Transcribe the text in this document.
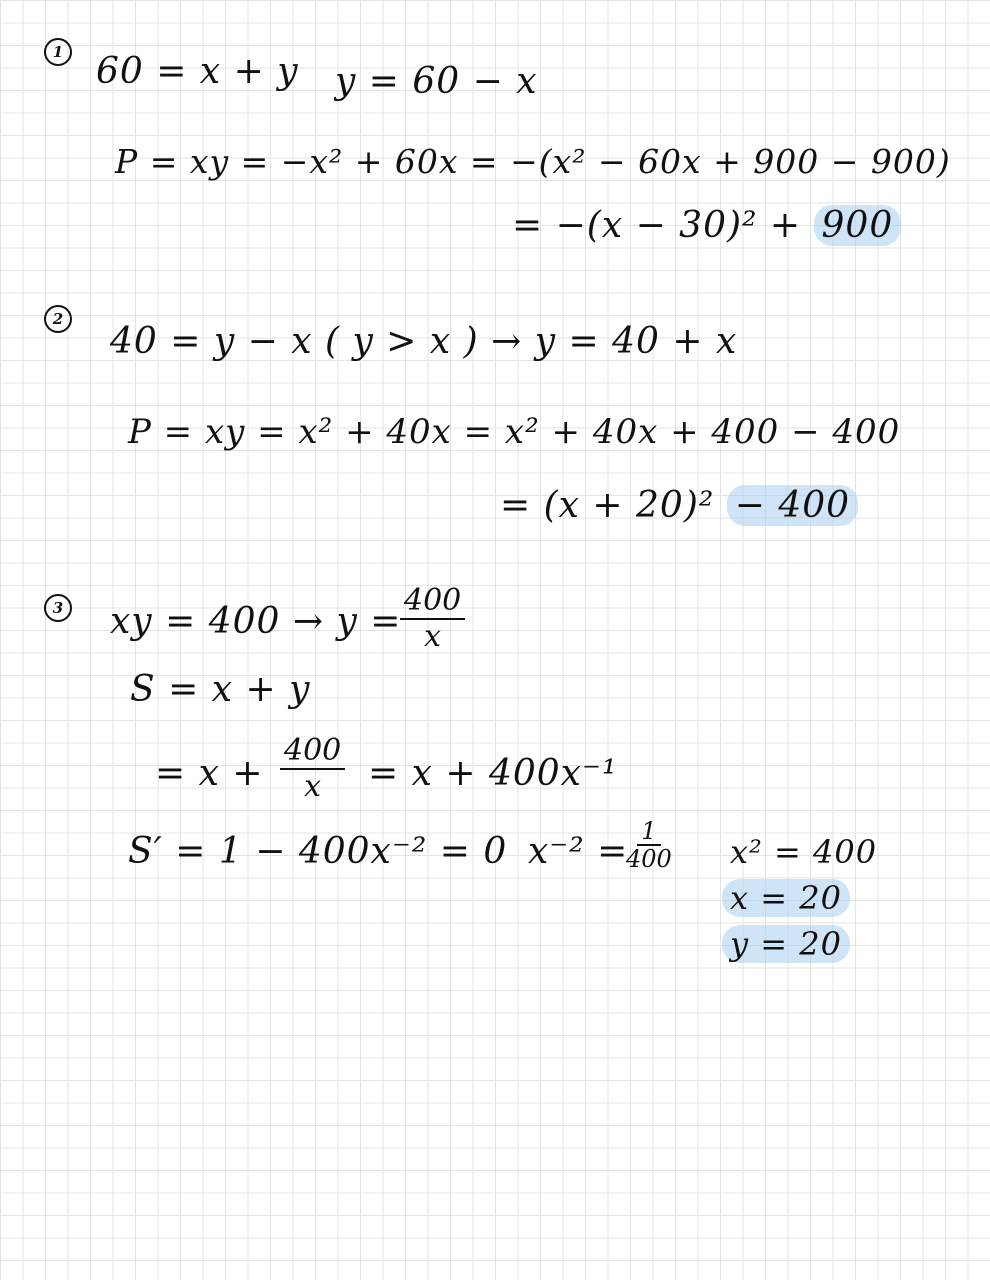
1 60 = x + y y = 60 − x
P = xy = −x² + 60x = −(x² − 60x + 900 − 900)
= −(x − 30)² + 900
2
40 = y − x ( y > x ) → y = 40 + x
P = xy = x² + 40x = x² + 40x + 400 − 400
= (x + 20)² − 400
3 xy = 400 → y =
$\frac{400}{x}$
S = x + y
= $x + \frac{400}{x} = x + 400x^{-1}$
S′ = 1 − 400x⁻² = 0 x⁻² =
$\frac{1}{400} x^2 = 400$
x = 20
y = 20
